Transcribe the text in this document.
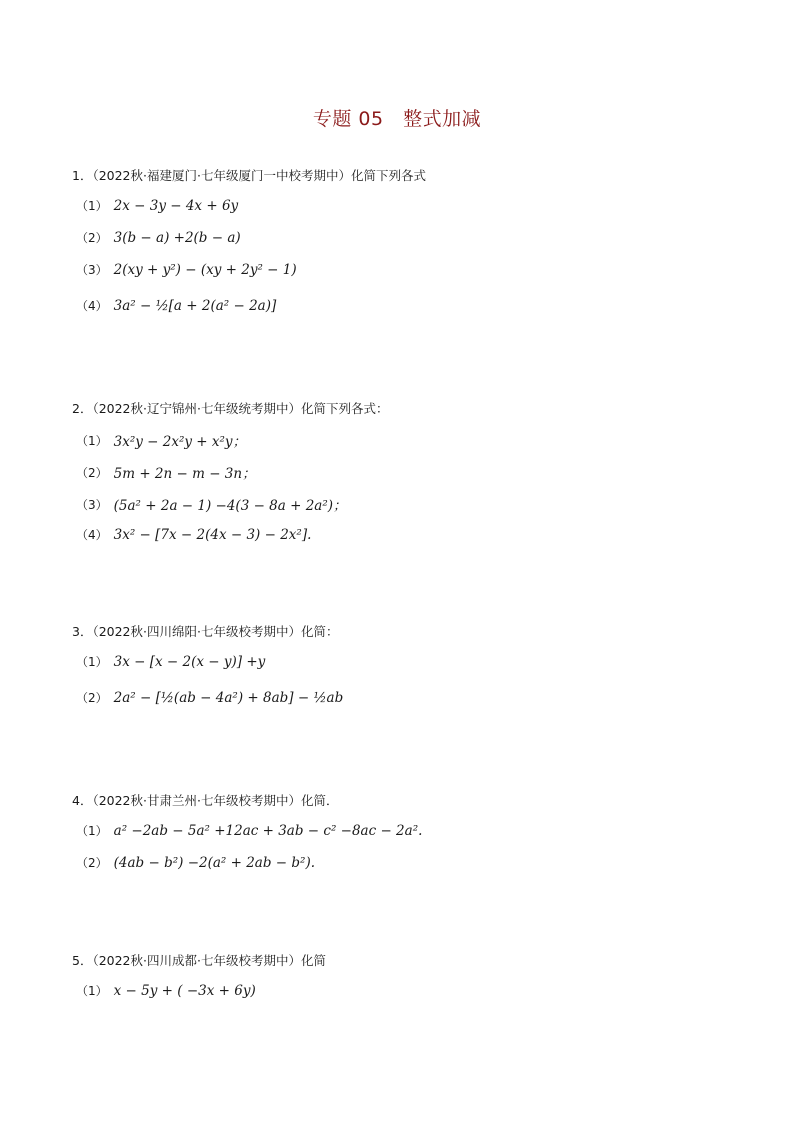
专题 05　整式加减
1．（2022秋·福建厦门·七年级厦门一中校考期中）化简下列各式
（1） 2x − 3y − 4x + 6y
（2） 3(b − a) +2(b − a)
（3） 2(xy + y²) − (xy + 2y² − 1)
（4） 3a² − ½[a + 2(a² − 2a)]
2．（2022秋·辽宁锦州·七年级统考期中）化简下列各式：
（1） 3x²y − 2x²y + x²y；
（2） 5m + 2n − m − 3n；
（3） (5a² + 2a − 1) −4(3 − 8a + 2a²)；
（4） 3x² − [7x − 2(4x − 3) − 2x²].
3．（2022秋·四川绵阳·七年级校考期中）化简：
（1） 3x − [x − 2(x − y)] +y
（2） 2a² − [½(ab − 4a²) + 8ab] − ½ab
4．（2022秋·甘肃兰州·七年级校考期中）化简．
（1） a² −2ab − 5a² +12ac + 3ab − c² −8ac − 2a².
（2） (4ab − b²) −2(a² + 2ab − b²).
5．（2022秋·四川成都·七年级校考期中）化简
（1） x − 5y + ( −3x + 6y)
